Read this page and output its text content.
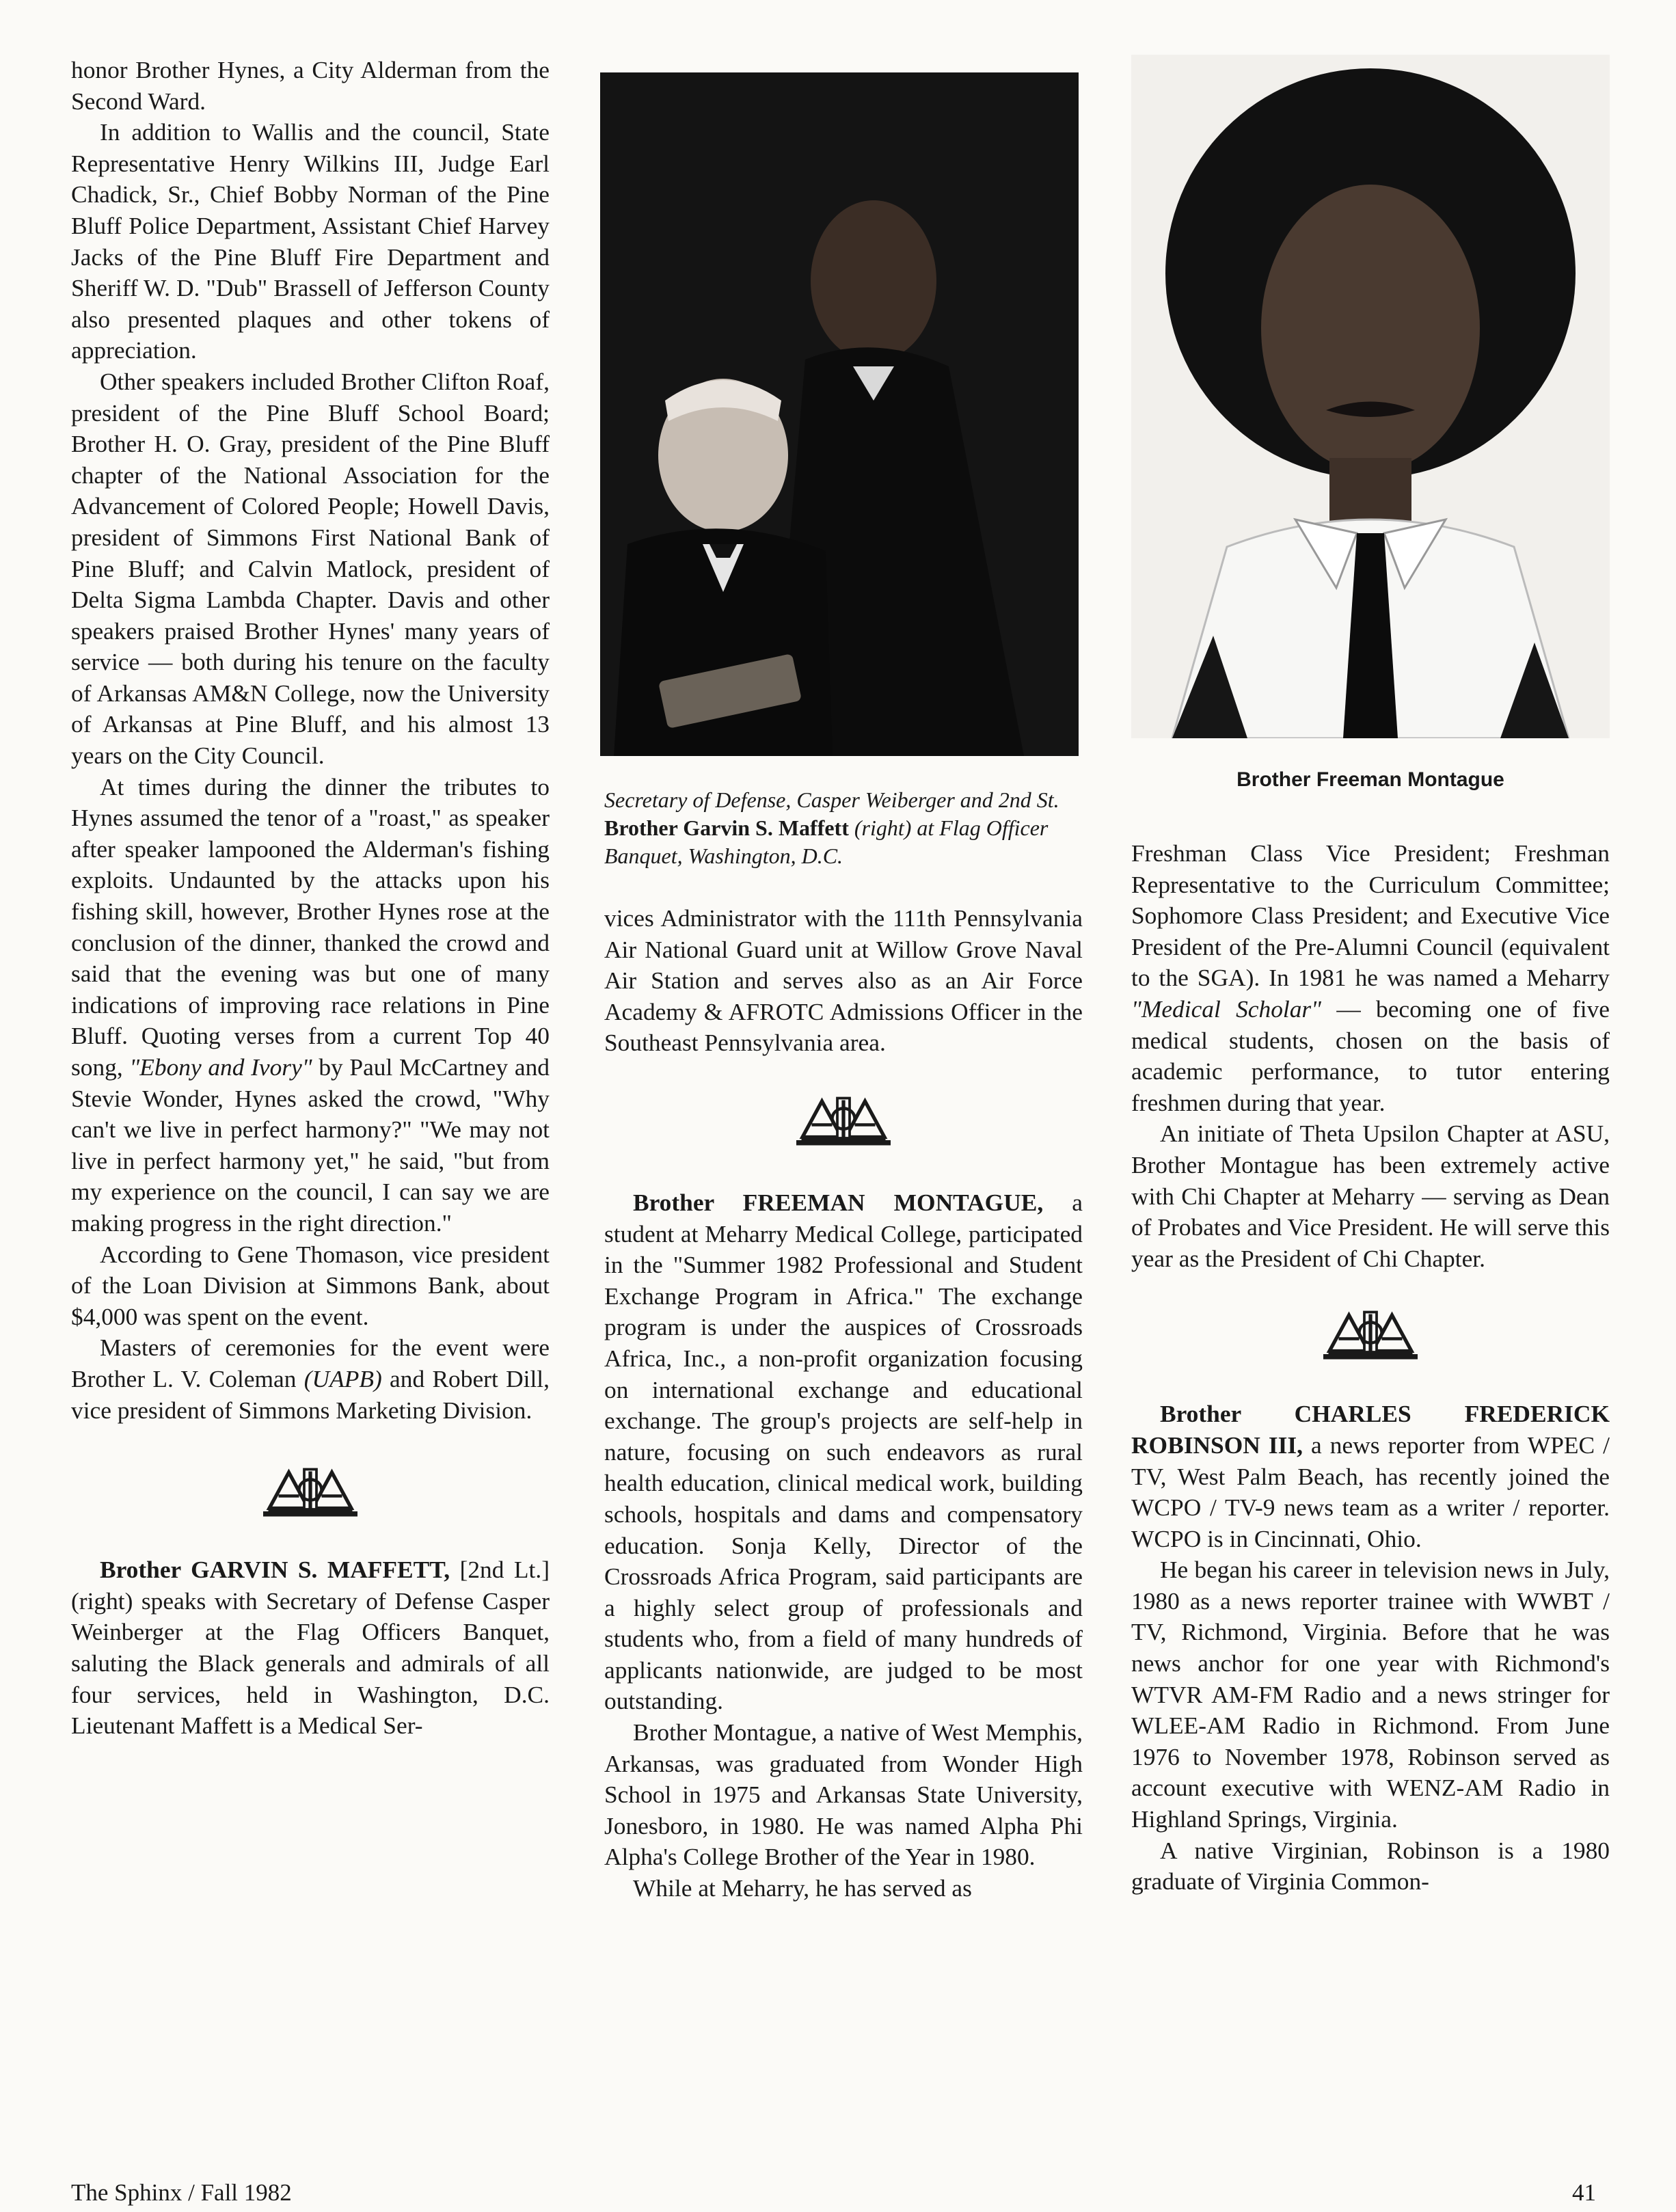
honor Brother Hynes, a City Alderman from the Second Ward.

In addition to Wallis and the council, State Representative Henry Wilkins III, Judge Earl Chadick, Sr., Chief Bobby Norman of the Pine Bluff Police Department, Assistant Chief Harvey Jacks of the Pine Bluff Fire Department and Sheriff W. D. "Dub" Brassell of Jefferson County also presented plaques and other tokens of appreciation.

Other speakers included Brother Clifton Roaf, president of the Pine Bluff School Board; Brother H. O. Gray, president of the Pine Bluff chapter of the National Association for the Advancement of Colored People; Howell Davis, president of Simmons First National Bank of Pine Bluff; and Calvin Matlock, president of Delta Sigma Lambda Chapter. Davis and other speakers praised Brother Hynes' many years of service — both during his tenure on the faculty of Arkansas AM&N College, now the University of Arkansas at Pine Bluff, and his almost 13 years on the City Council.

At times during the dinner the tributes to Hynes assumed the tenor of a "roast," as speaker after speaker lampooned the Alderman's fishing exploits. Undaunted by the attacks upon his fishing skill, however, Brother Hynes rose at the conclusion of the dinner, thanked the crowd and said that the evening was but one of many indications of improving race relations in Pine Bluff. Quoting verses from a current Top 40 song, "Ebony and Ivory" by Paul McCartney and Stevie Wonder, Hynes asked the crowd, "Why can't we live in perfect harmony?" "We may not live in perfect harmony yet," he said, "but from my experience on the council, I can say we are making progress in the right direction."

According to Gene Thomason, vice president of the Loan Division at Simmons Bank, about $4,000 was spent on the event.

Masters of ceremonies for the event were Brother L. V. Coleman (UAPB) and Robert Dill, vice president of Simmons Marketing Division.

Brother GARVIN S. MAFFETT, [2nd Lt.] (right) speaks with Secretary of Defense Casper Weinberger at the Flag Officers Banquet, saluting the Black generals and admirals of all four services, held in Washington, D.C. Lieutenant Maffett is a Medical Ser-

Secretary of Defense, Casper Weiberger and 2nd St. Brother Garvin S. Maffett (right) at Flag Officer Banquet, Washington, D.C.

vices Administrator with the 111th Pennsylvania Air National Guard unit at Willow Grove Naval Air Station and serves also as an Air Force Academy & AFROTC Admissions Officer in the Southeast Pennsylvania area.

Brother FREEMAN MONTAGUE, a student at Meharry Medical College, participated in the "Summer 1982 Professional and Student Exchange Program in Africa." The exchange program is under the auspices of Crossroads Africa, Inc., a non-profit organization focusing on international exchange and educational exchange. The group's projects are self-help in nature, focusing on such endeavors as rural health education, clinical medical work, building schools, hospitals and dams and compensatory education. Sonja Kelly, Director of the Crossroads Africa Program, said participants are a highly select group of professionals and students who, from a field of many hundreds of applicants nationwide, are judged to be most outstanding.

Brother Montague, a native of West Memphis, Arkansas, was graduated from Wonder High School in 1975 and Arkansas State University, Jonesboro, in 1980. He was named Alpha Phi Alpha's College Brother of the Year in 1980.

While at Meharry, he has served as

Brother Freeman Montague

Freshman Class Vice President; Freshman Representative to the Curriculum Committee; Sophomore Class President; and Executive Vice President of the Pre-Alumni Council (equivalent to the SGA). In 1981 he was named a Meharry "Medical Scholar" — becoming one of five medical students, chosen on the basis of academic performance, to tutor entering freshmen during that year.

An initiate of Theta Upsilon Chapter at ASU, Brother Montague has been extremely active with Chi Chapter at Meharry — serving as Dean of Probates and Vice President. He will serve this year as the President of Chi Chapter.

Brother CHARLES FREDERICK ROBINSON III, a news reporter from WPEC / TV, West Palm Beach, has recently joined the WCPO / TV-9 news team as a writer / reporter. WCPO is in Cincinnati, Ohio.

He began his career in television news in July, 1980 as a news reporter trainee with WWBT / TV, Richmond, Virginia. Before that he was news anchor for one year with Richmond's WTVR AM-FM Radio and a news stringer for WLEE-AM Radio in Richmond. From June 1976 to November 1978, Robinson served as account executive with WENZ-AM Radio in Highland Springs, Virginia.

A native Virginian, Robinson is a 1980 graduate of Virginia Common-

The Sphinx / Fall 1982	41
